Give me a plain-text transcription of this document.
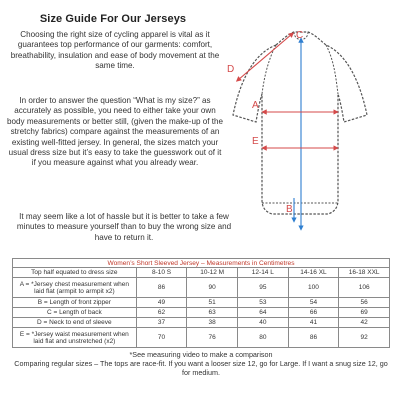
Size Guide For Our Jerseys

Choosing the right size of cycling apparel is vital as it guarantees top performance of our garments: comfort, breathability, insulation and ease of body movement at the same time.

In order to answer the question “What is my size?” as accurately as possible, you need to either take your own body measurements or better still, (given the make-up of the stretchy fabrics) compare against the measurements of an existing well-fitted jersey. In general, the sizes match your usual dress size but it’s easy to take the guesswork out of it if you measure against what you already wear.

It may seem like a lot of hassle but it is better to take a few minutes to measure yourself than to buy the wrong size and have to return it.

C
D
A
E
B
Women’s Short Sleeved Jersey – Measurements in Centimetres					
Top half equated to dress size	8-10 S	10-12 M	12-14 L	14-16 XL	16-18 XXL
A = *Jersey chest measurement when laid flat (armpit to armpit x2)	86	90	95	100	106
B = Length of front zipper	49	51	53	54	56
C = Length of back	62	63	64	66	69
D = Neck to end of sleeve	37	38	40	41	42
E = *Jersey waist measurement when laid flat and unstretched (x2)	70	76	80	86	92
*See measuring video to make a comparison
Comparing regular sizes – The tops are race-fit. If you want a looser size 12, go for Large. If I want a snug size 12, go for medium.
